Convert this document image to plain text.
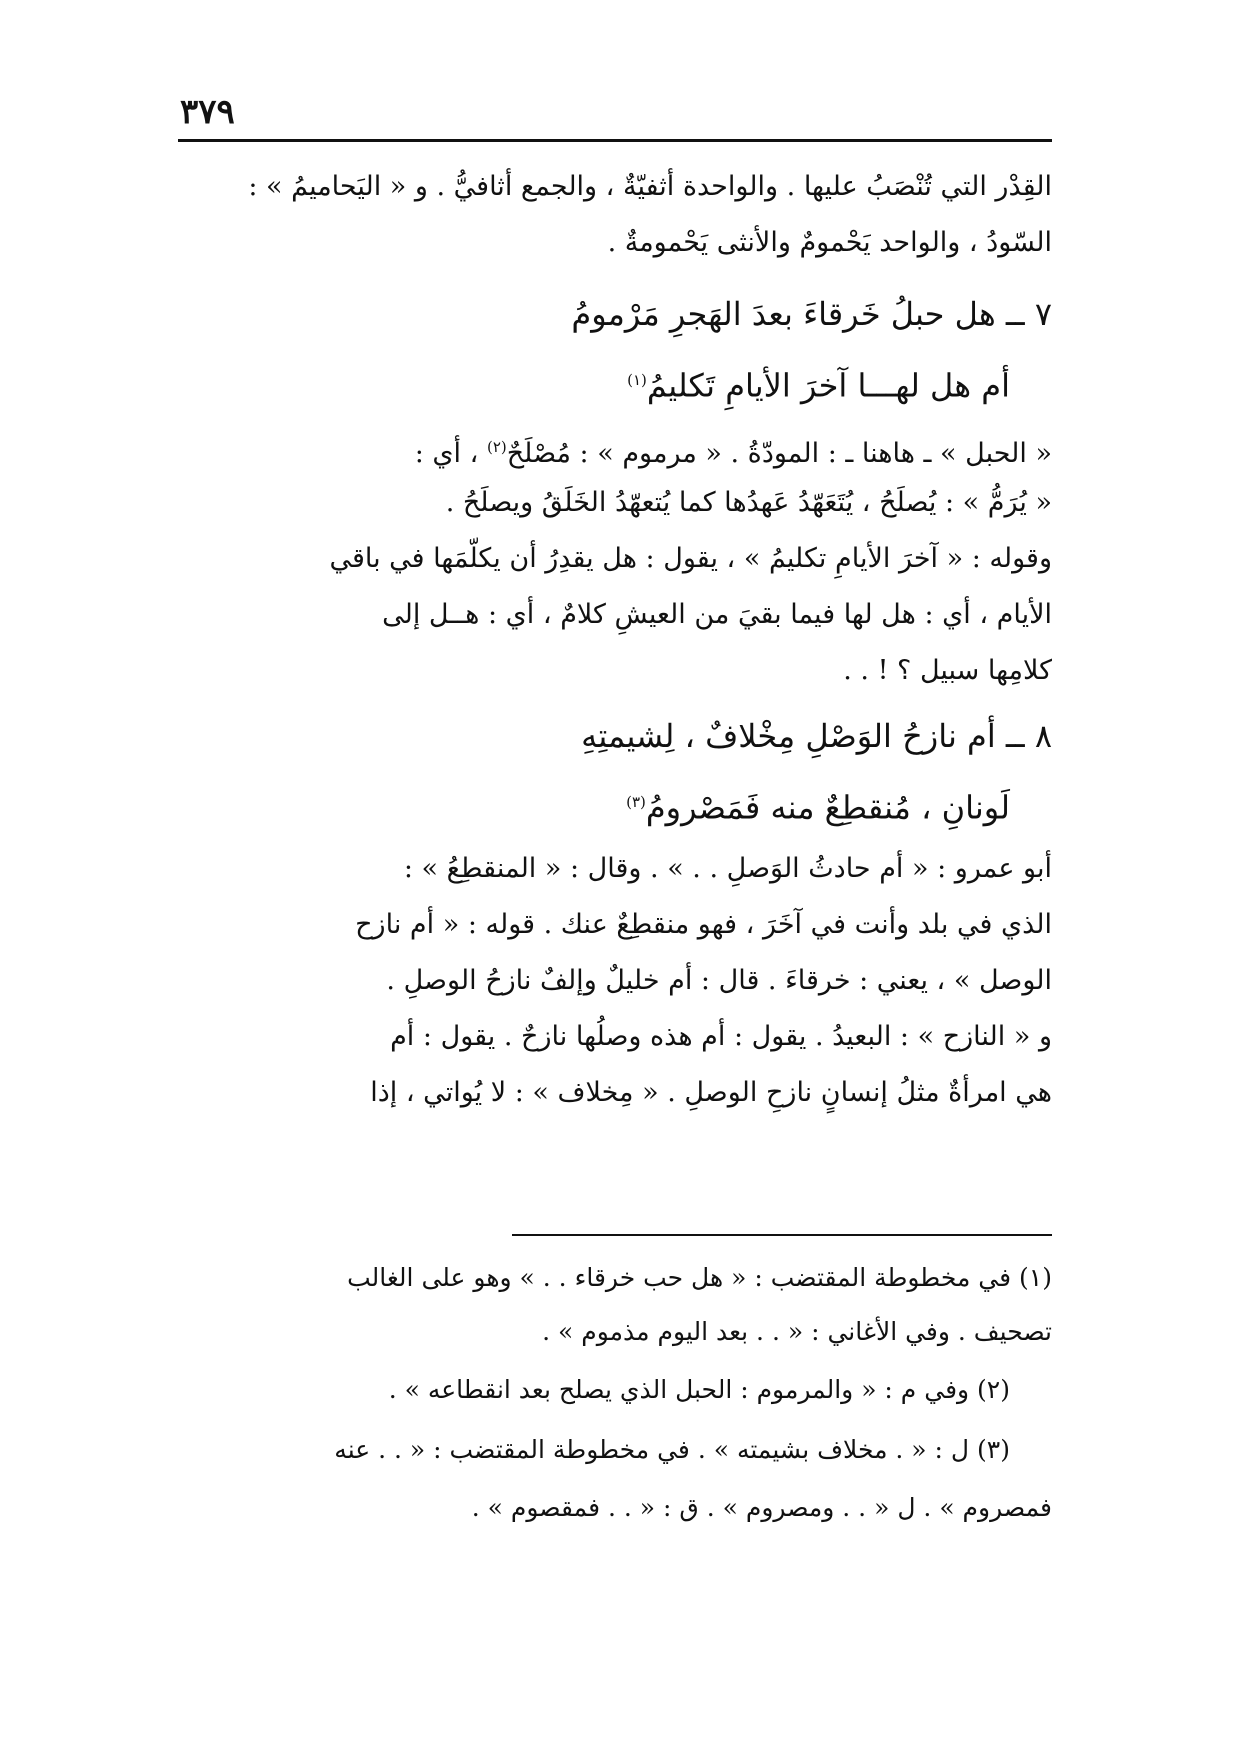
٣٧٩
القِدْر التي تُنْصَبُ عليها . والواحدة أثفيّةٌ ، والجمع أثافيُّ . و « اليَحاميمُ » :
السّودُ ، والواحد يَحْمومٌ والأنثى يَحْمومةٌ .
٧ ــ هل حبلُ خَرقاءَ بعدَ الهَجرِ مَرْمومُ
أم هل لهـــا آخرَ الأيامِ تَكليمُ$^{(١)}$
« الحبل » ـ هاهنا ـ : المودّةُ . « مرموم » : مُصْلَحٌ$^{(٢)}$ ، أي :
« يُرَمُّ » : يُصلَحُ ، يُتَعَهّدُ عَهدُها كما يُتعهّدُ الخَلَقُ ويصلَحُ .
وقوله : « آخرَ الأيامِ تكليمُ » ، يقول : هل يقدِرُ أن يكلّمَها في باقي
الأيام ، أي : هل لها فيما بقيَ من العيشِ كلامٌ ، أي : هــل إلى
كلامِها سبيل ؟ ! . .
٨ ــ أم نازحُ الوَصْلِ مِخْلافٌ ، لِشيمتِهِ
لَونانِ ، مُنقطِعٌ منه فَمَصْرومُ$^{(٣)}$
أبو عمرو : « أم حادثُ الوَصلِ . . » . وقال : « المنقطِعُ » :
الذي في بلد وأنت في آخَرَ ، فهو منقطِعٌ عنك . قوله : « أم نازح
الوصل » ، يعني : خرقاءَ . قال : أم خليلٌ وإلفٌ نازحُ الوصلِ .
و « النازح » : البعيدُ . يقول : أم هذه وصلُها نازحٌ . يقول : أم
هي امرأةٌ مثلُ إنسانٍ نازحِ الوصلِ . « مِخلاف » : لا يُواتي ، إذا
(١) في مخطوطة المقتضب : « هل حب خرقاء . . » وهو على الغالب
تصحيف . وفي الأغاني : « . . بعد اليوم مذموم » .
(٢) وفي م : « والمرموم : الحبل الذي يصلح بعد انقطاعه » .
(٣) ل : « . مخلاف بشيمته » . في مخطوطة المقتضب : « . . عنه
فمصروم » . ل « . . ومصروم » . ق : « . . فمقصوم » .
